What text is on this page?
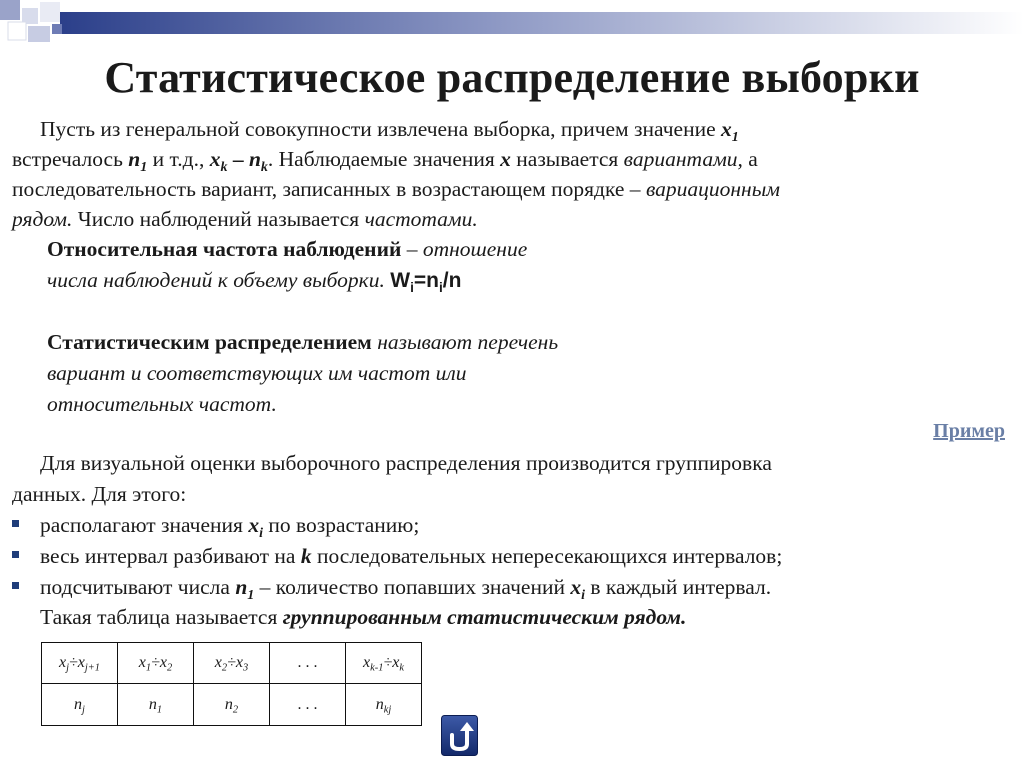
Статистическое распределение выборки
Пусть из генеральной совокупности извлечена выборка, причем значение $x_1$
встречалось $n_1$ и т.д., $x_k - n_k$. Наблюдаемые значения x называется вариантами, а
последовательность вариант, записанных в возрастающем порядке – вариационным
рядом. Число наблюдений называется частотами.
Относительная частота наблюдений – отношение
числа наблюдений к объему выборки. $W_i=n_i/n$
Статистическим распределением называют перечень
вариант и соответствующих им частот или
относительных частот.
Пример
Для визуальной оценки выборочного распределения производится группировка
данных. Для этого:
располагают значения $x_i$ по возрастанию;
весь интервал разбивают на k последовательных непересекающихся интервалов;
подсчитывают числа $n_1$ – количество попавших значений $x_i$ в каждый интервал.
Такая таблица называется группированным статистическим рядом.
$x_j\div x_{j+1}$	$x_1\div x_2$	$x_2\div x_3$	. . .	$x_{k-1}\div x_k$
$n_j$	$n_1$	$n_2$	. . .	$n_{kj}$
